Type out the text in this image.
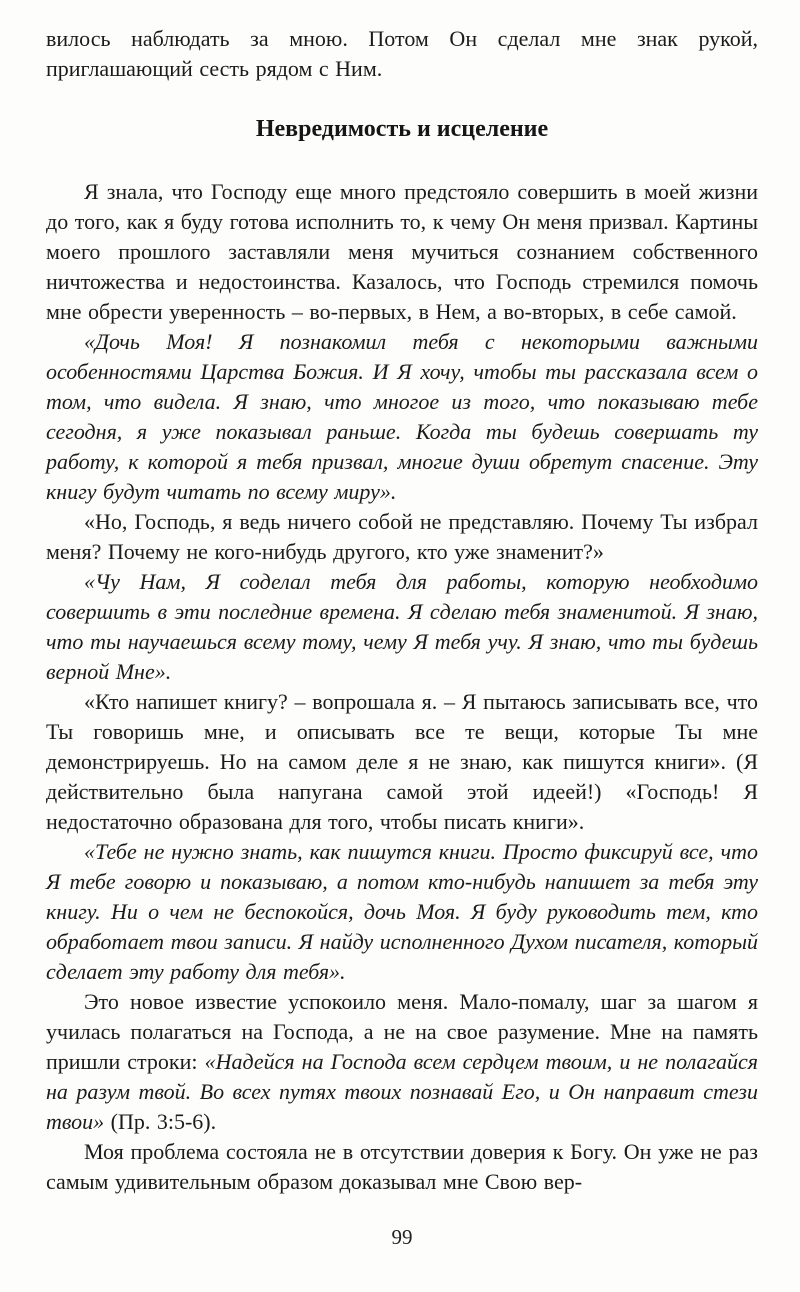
вилось наблюдать за мною. Потом Он сделал мне знак рукой, приглашающий сесть рядом с Ним.

Невредимость и исцеление

Я знала, что Господу еще много предстояло совершить в моей жизни до того, как я буду готова исполнить то, к чему Он меня призвал. Картины моего прошлого заставляли меня мучиться сознанием собственного ничтожества и недостоинства. Казалось, что Господь стремился помочь мне обрести уверенность – во-первых, в Нем, а во-вторых, в себе самой.

«Дочь Моя! Я познакомил тебя с некоторыми важными особенностями Царства Божия. И Я хочу, чтобы ты рассказала всем о том, что видела. Я знаю, что многое из того, что показываю тебе сегодня, я уже показывал раньше. Когда ты будешь совершать ту работу, к которой я тебя призвал, многие души обретут спасение. Эту книгу будут читать по всему миру».

«Но, Господь, я ведь ничего собой не представляю. Почему Ты избрал меня? Почему не кого-нибудь другого, кто уже знаменит?»

«Чу Нам, Я соделал тебя для работы, которую необходимо совершить в эти последние времена. Я сделаю тебя знаменитой. Я знаю, что ты научаешься всему тому, чему Я тебя учу. Я знаю, что ты будешь верной Мне».

«Кто напишет книгу? – вопрошала я. – Я пытаюсь записывать все, что Ты говоришь мне, и описывать все те вещи, которые Ты мне демонстрируешь. Но на самом деле я не знаю, как пишутся книги». (Я действительно была напугана самой этой идеей!) «Господь! Я недостаточно образована для того, чтобы писать книги».

«Тебе не нужно знать, как пишутся книги. Просто фиксируй все, что Я тебе говорю и показываю, а потом кто-нибудь напишет за тебя эту книгу. Ни о чем не беспокойся, дочь Моя. Я буду руководить тем, кто обработает твои записи. Я найду исполненного Духом писателя, который сделает эту работу для тебя».

Это новое известие успокоило меня. Мало-помалу, шаг за шагом я училась полагаться на Господа, а не на свое разумение. Мне на память пришли строки: «Надейся на Господа всем сердцем твоим, и не полагайся на разум твой. Во всех путях твоих познавай Его, и Он направит стези твои» (Пр. 3:5-6).

Моя проблема состояла не в отсутствии доверия к Богу. Он уже не раз самым удивительным образом доказывал мне Свою вер-

99
